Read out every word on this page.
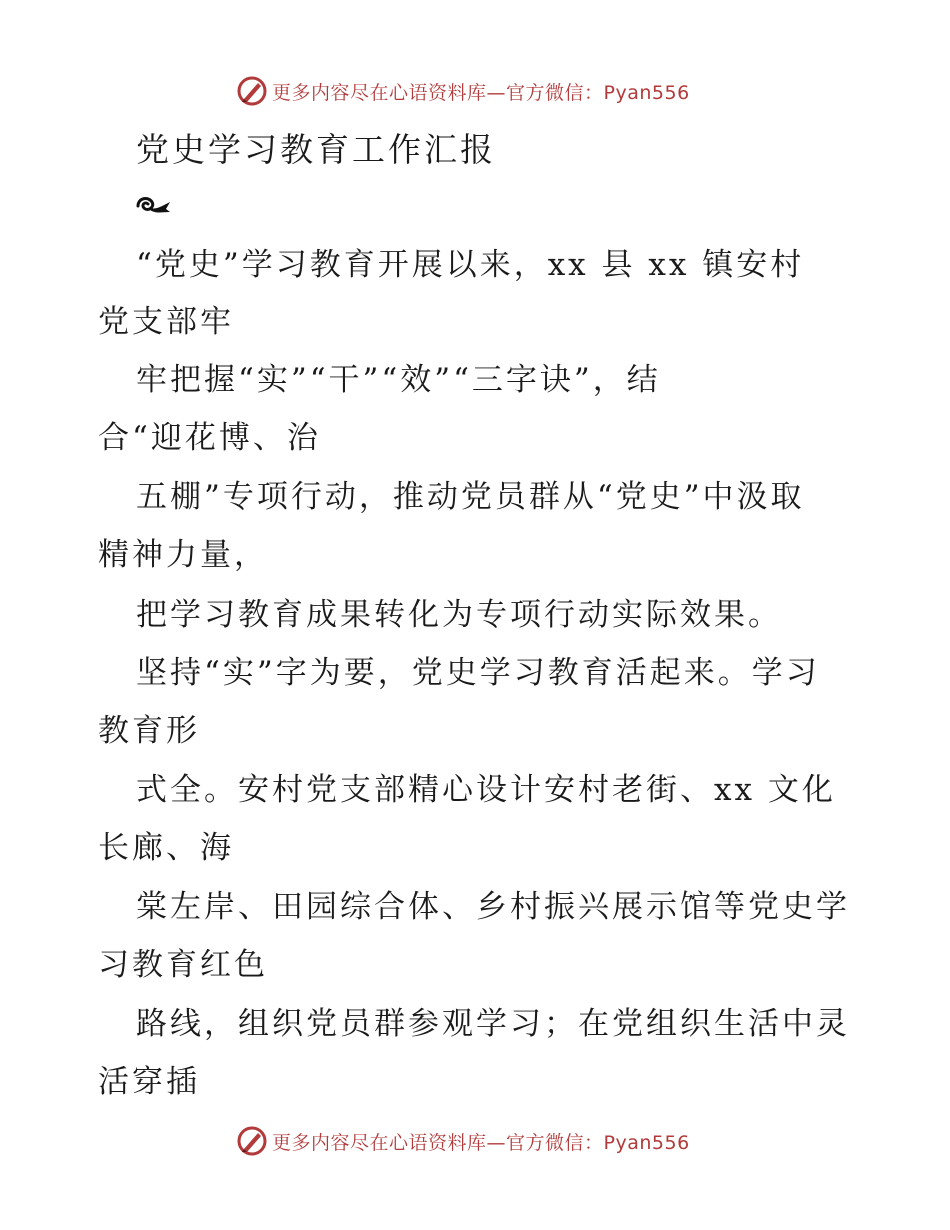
更多内容尽在心语资料库—官方微信：Pyan556
党史学习教育工作汇报
“党史”学习教育开展以来，xx 县 xx 镇安村
党支部牢
牢把握“实”“干”“效”“三字诀”，结
合“迎花博、治
五棚”专项行动，推动党员群从“党史”中汲取
精神力量，
把学习教育成果转化为专项行动实际效果。
坚持“实”字为要，党史学习教育活起来。学习
教育形
式全。安村党支部精心设计安村老街、xx 文化
长廊、海
棠左岸、田园综合体、乡村振兴展示馆等党史学
习教育红色
路线，组织党员群参观学习；在党组织生活中灵
活穿插
更多内容尽在心语资料库—官方微信：Pyan556
